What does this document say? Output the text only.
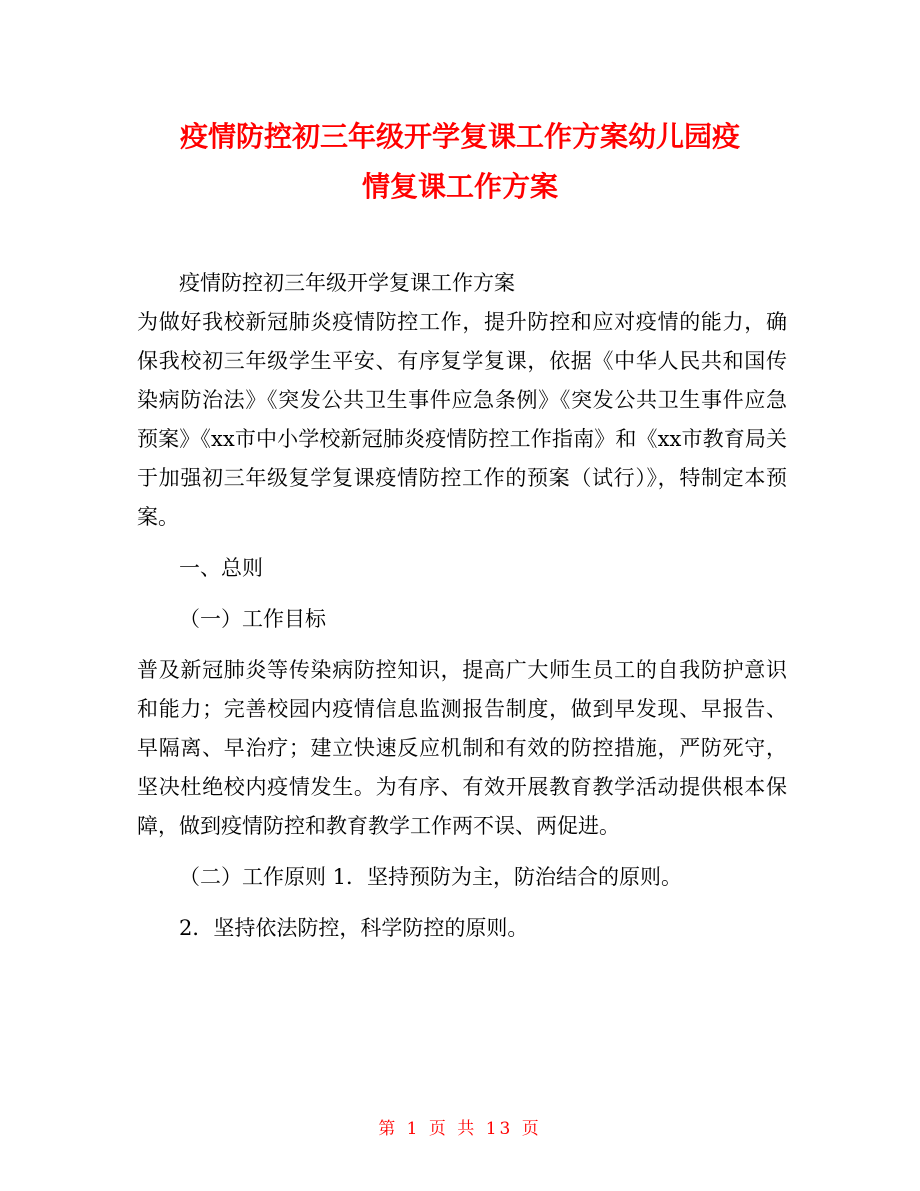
疫情防控初三年级开学复课工作方案幼儿园疫
情复课工作方案

疫情防控初三年级开学复课工作方案

为做好我校新冠肺炎疫情防控工作，提升防控和应对疫情的能力，确保我校初三年级学生平安、有序复学复课，依据《中华人民共和国传染病防治法》《突发公共卫生事件应急条例》《突发公共卫生事件应急预案》《xx市中小学校新冠肺炎疫情防控工作指南》和《xx市教育局关于加强初三年级复学复课疫情防控工作的预案（试行）》，特制定本预案。

一、总则

（一）工作目标

普及新冠肺炎等传染病防控知识，提高广大师生员工的自我防护意识和能力；完善校园内疫情信息监测报告制度，做到早发现、早报告、早隔离、早治疗；建立快速反应机制和有效的防控措施，严防死守，坚决杜绝校内疫情发生。为有序、有效开展教育教学活动提供根本保障，做到疫情防控和教育教学工作两不误、两促进。

（二）工作原则 1．坚持预防为主，防治结合的原则。

2．坚持依法防控，科学防控的原则。

第 1 页 共 13 页
